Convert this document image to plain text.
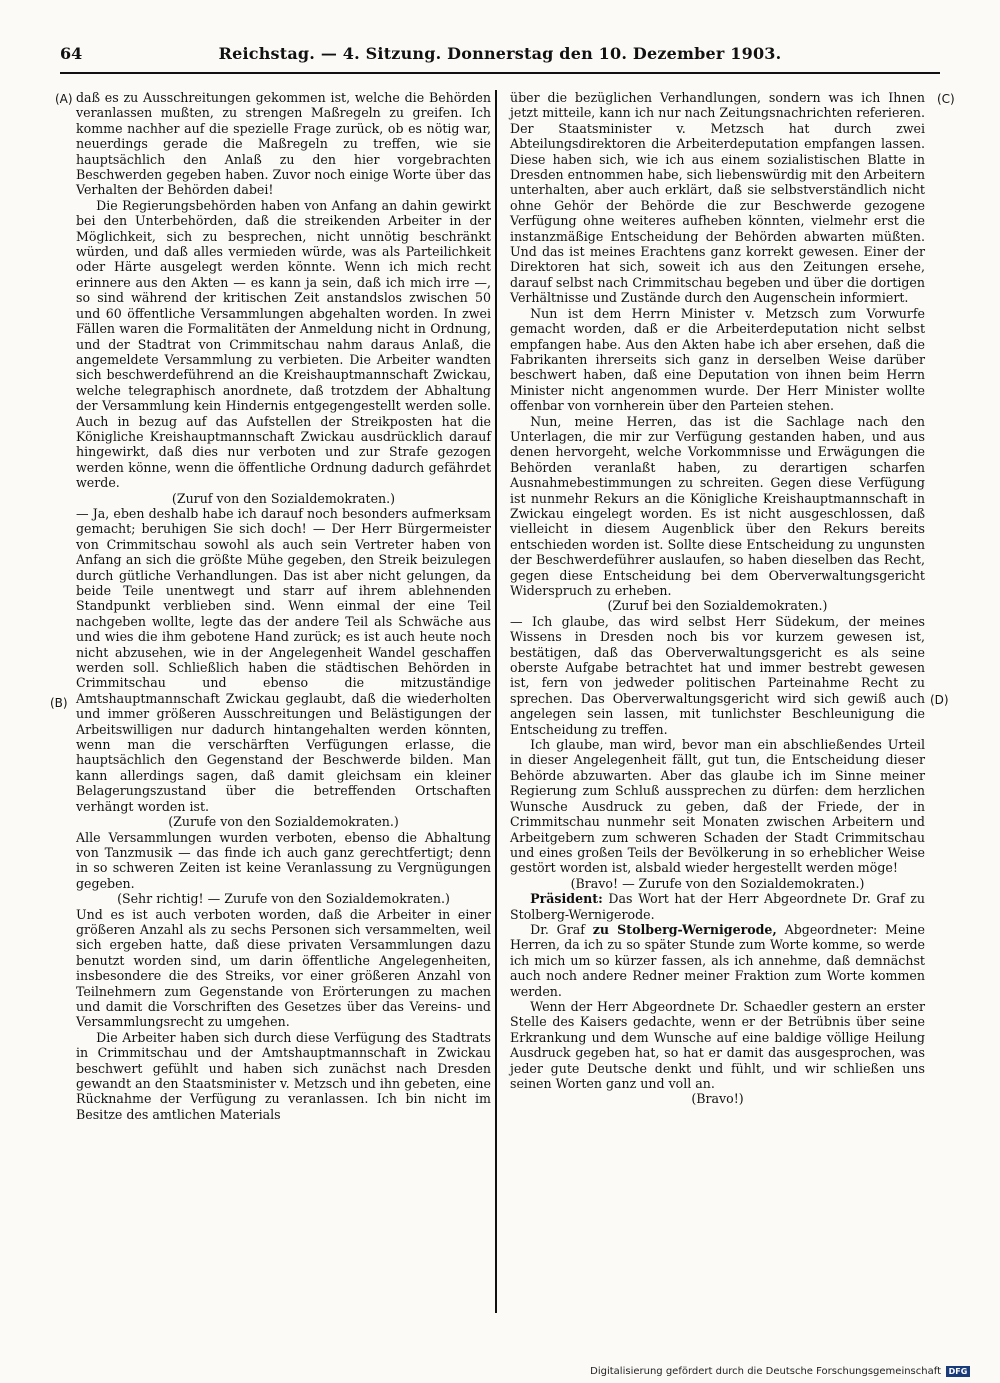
64	Reichstag. — 4. Sitzung. Donnerstag den 10. Dezember 1903.
(A)
(B)
(C)
(D)

daß es zu Ausschreitungen gekommen ist, welche die Behörden veranlassen mußten, zu strengen Maßregeln zu greifen. Ich komme nachher auf die spezielle Frage zurück, ob es nötig war, neuerdings gerade die Maßregeln zu treffen, wie sie hauptsächlich den Anlaß zu den hier vorgebrachten Beschwerden gegeben haben. Zuvor noch einige Worte über das Verhalten der Behörden dabei!

Die Regierungsbehörden haben von Anfang an dahin gewirkt bei den Unterbehörden, daß die streikenden Arbeiter in der Möglichkeit, sich zu besprechen, nicht unnötig beschränkt würden, und daß alles vermieden würde, was als Parteilichkeit oder Härte ausgelegt werden könnte. Wenn ich mich recht erinnere aus den Akten — es kann ja sein, daß ich mich irre —, so sind während der kritischen Zeit anstandslos zwischen 50 und 60 öffentliche Versammlungen abgehalten worden. In zwei Fällen waren die Formalitäten der Anmeldung nicht in Ordnung, und der Stadtrat von Crimmitschau nahm daraus Anlaß, die angemeldete Versammlung zu verbieten. Die Arbeiter wandten sich beschwerdeführend an die Kreishauptmannschaft Zwickau, welche telegraphisch anordnete, daß trotzdem der Abhaltung der Versammlung kein Hindernis entgegengestellt werden solle. Auch in bezug auf das Aufstellen der Streikposten hat die Königliche Kreishauptmannschaft Zwickau ausdrücklich darauf hingewirkt, daß dies nur verboten und zur Strafe gezogen werden könne, wenn die öffentliche Ordnung dadurch gefährdet werde.

(Zuruf von den Sozialdemokraten.)

— Ja, eben deshalb habe ich darauf noch besonders aufmerksam gemacht; beruhigen Sie sich doch! — Der Herr Bürgermeister von Crimmitschau sowohl als auch sein Vertreter haben von Anfang an sich die größte Mühe gegeben, den Streik beizulegen durch gütliche Verhandlungen. Das ist aber nicht gelungen, da beide Teile unentwegt und starr auf ihrem ablehnenden Standpunkt verblieben sind. Wenn einmal der eine Teil nachgeben wollte, legte das der andere Teil als Schwäche aus und wies die ihm gebotene Hand zurück; es ist auch heute noch nicht abzusehen, wie in der Angelegenheit Wandel geschaffen werden soll. Schließlich haben die städtischen Behörden in Crimmitschau und ebenso die mitzuständige Amtshauptmannschaft Zwickau geglaubt, daß die wiederholten und immer größeren Ausschreitungen und Belästigungen der Arbeitswilligen nur dadurch hintangehalten werden könnten, wenn man die verschärften Verfügungen erlasse, die hauptsächlich den Gegenstand der Beschwerde bilden. Man kann allerdings sagen, daß damit gleichsam ein kleiner Belagerungszustand über die betreffenden Ortschaften verhängt worden ist.

(Zurufe von den Sozialdemokraten.)

Alle Versammlungen wurden verboten, ebenso die Abhaltung von Tanzmusik — das finde ich auch ganz gerechtfertigt; denn in so schweren Zeiten ist keine Veranlassung zu Vergnügungen gegeben.

(Sehr richtig! — Zurufe von den Sozialdemokraten.)

Und es ist auch verboten worden, daß die Arbeiter in einer größeren Anzahl als zu sechs Personen sich versammelten, weil sich ergeben hatte, daß diese privaten Versammlungen dazu benutzt worden sind, um darin öffentliche Angelegenheiten, insbesondere die des Streiks, vor einer größeren Anzahl von Teilnehmern zum Gegenstande von Erörterungen zu machen und damit die Vorschriften des Gesetzes über das Vereins- und Versammlungsrecht zu umgehen.

Die Arbeiter haben sich durch diese Verfügung des Stadtrats in Crimmitschau und der Amtshauptmannschaft in Zwickau beschwert gefühlt und haben sich zunächst nach Dresden gewandt an den Staatsminister v. Metzsch und ihn gebeten, eine Rücknahme der Verfügung zu veranlassen. Ich bin nicht im Besitze des amtlichen Materials

über die bezüglichen Verhandlungen, sondern was ich Ihnen jetzt mitteile, kann ich nur nach Zeitungsnachrichten referieren. Der Staatsminister v. Metzsch hat durch zwei Abteilungsdirektoren die Arbeiterdeputation empfangen lassen. Diese haben sich, wie ich aus einem sozialistischen Blatte in Dresden entnommen habe, sich liebenswürdig mit den Arbeitern unterhalten, aber auch erklärt, daß sie selbstverständlich nicht ohne Gehör der Behörde die zur Beschwerde gezogene Verfügung ohne weiteres aufheben könnten, vielmehr erst die instanzmäßige Entscheidung der Behörden abwarten müßten. Und das ist meines Erachtens ganz korrekt gewesen. Einer der Direktoren hat sich, soweit ich aus den Zeitungen ersehe, darauf selbst nach Crimmitschau begeben und über die dortigen Verhältnisse und Zustände durch den Augenschein informiert.

Nun ist dem Herrn Minister v. Metzsch zum Vorwurfe gemacht worden, daß er die Arbeiterdeputation nicht selbst empfangen habe. Aus den Akten habe ich aber ersehen, daß die Fabrikanten ihrerseits sich ganz in derselben Weise darüber beschwert haben, daß eine Deputation von ihnen beim Herrn Minister nicht angenommen wurde. Der Herr Minister wollte offenbar von vornherein über den Parteien stehen.

Nun, meine Herren, das ist die Sachlage nach den Unterlagen, die mir zur Verfügung gestanden haben, und aus denen hervorgeht, welche Vorkommnisse und Erwägungen die Behörden veranlaßt haben, zu derartigen scharfen Ausnahmebestimmungen zu schreiten. Gegen diese Verfügung ist nunmehr Rekurs an die Königliche Kreishauptmannschaft in Zwickau eingelegt worden. Es ist nicht ausgeschlossen, daß vielleicht in diesem Augenblick über den Rekurs bereits entschieden worden ist. Sollte diese Entscheidung zu ungunsten der Beschwerdeführer auslaufen, so haben dieselben das Recht, gegen diese Entscheidung bei dem Oberverwaltungsgericht Widerspruch zu erheben.

(Zuruf bei den Sozialdemokraten.)

— Ich glaube, das wird selbst Herr Südekum, der meines Wissens in Dresden noch bis vor kurzem gewesen ist, bestätigen, daß das Oberverwaltungsgericht es als seine oberste Aufgabe betrachtet hat und immer bestrebt gewesen ist, fern von jedweder politischen Parteinahme Recht zu sprechen. Das Oberverwaltungsgericht wird sich gewiß auch angelegen sein lassen, mit tunlichster Beschleunigung die Entscheidung zu treffen.

Ich glaube, man wird, bevor man ein abschließendes Urteil in dieser Angelegenheit fällt, gut tun, die Entscheidung dieser Behörde abzuwarten. Aber das glaube ich im Sinne meiner Regierung zum Schluß aussprechen zu dürfen: dem herzlichen Wunsche Ausdruck zu geben, daß der Friede, der in Crimmitschau nunmehr seit Monaten zwischen Arbeitern und Arbeitgebern zum schweren Schaden der Stadt Crimmitschau und eines großen Teils der Bevölkerung in so erheblicher Weise gestört worden ist, alsbald wieder hergestellt werden möge!

(Bravo! — Zurufe von den Sozialdemokraten.)

Präsident: Das Wort hat der Herr Abgeordnete Dr. Graf zu Stolberg-Wernigerode.

Dr. Graf zu Stolberg-Wernigerode, Abgeordneter: Meine Herren, da ich zu so später Stunde zum Worte komme, so werde ich mich um so kürzer fassen, als ich annehme, daß demnächst auch noch andere Redner meiner Fraktion zum Worte kommen werden.

Wenn der Herr Abgeordnete Dr. Schaedler gestern an erster Stelle des Kaisers gedachte, wenn er der Betrübnis über seine Erkrankung und dem Wunsche auf eine baldige völlige Heilung Ausdruck gegeben hat, so hat er damit das ausgesprochen, was jeder gute Deutsche denkt und fühlt, und wir schließen uns seinen Worten ganz und voll an.

(Bravo!)

Digitalisierung gefördert durch die Deutsche Forschungsgemeinschaft DFG
